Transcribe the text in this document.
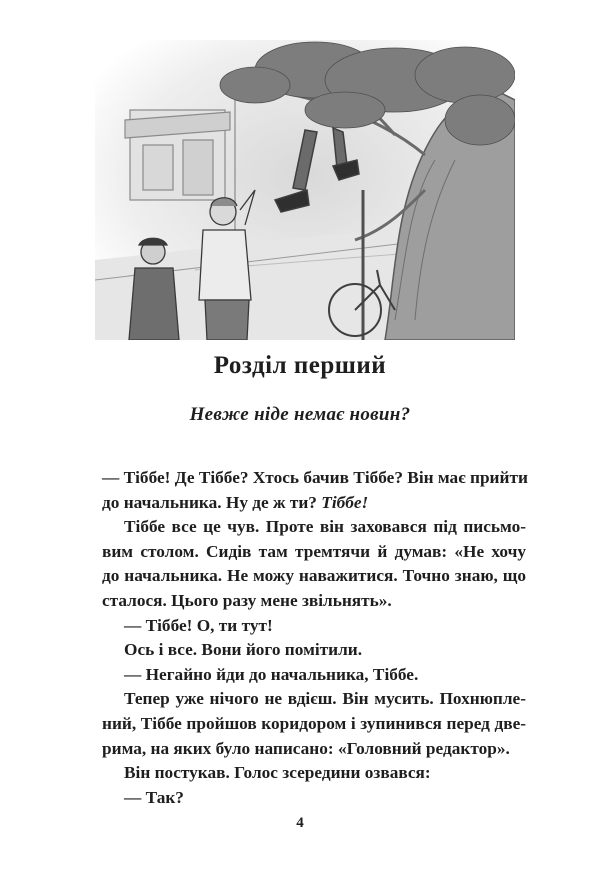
Розділ перший
Невже ніде немає новин?
— Тіббе! Де Тіббе? Хтось бачив Тіббе? Він має прийти
до начальника. Ну де ж ти? Тіббе!
Тіббе все це чув. Проте він заховався під письмо-
вим столом. Сидів там тремтячи й думав: «Не хочу
до начальника. Не можу наважитися. Точно знаю, що
сталося. Цього разу мене звільнять».
— Тіббе! О, ти тут!
Ось і все. Вони його помітили.
— Негайно йди до начальника, Тіббе.
Тепер уже нічого не вдієш. Він мусить. Похнюпле-
ний, Тіббе пройшов коридором і зупинився перед две-
рима, на яких було написано: «Головний редактор».
Він постукав. Голос зсередини озвався:
— Так?
4
